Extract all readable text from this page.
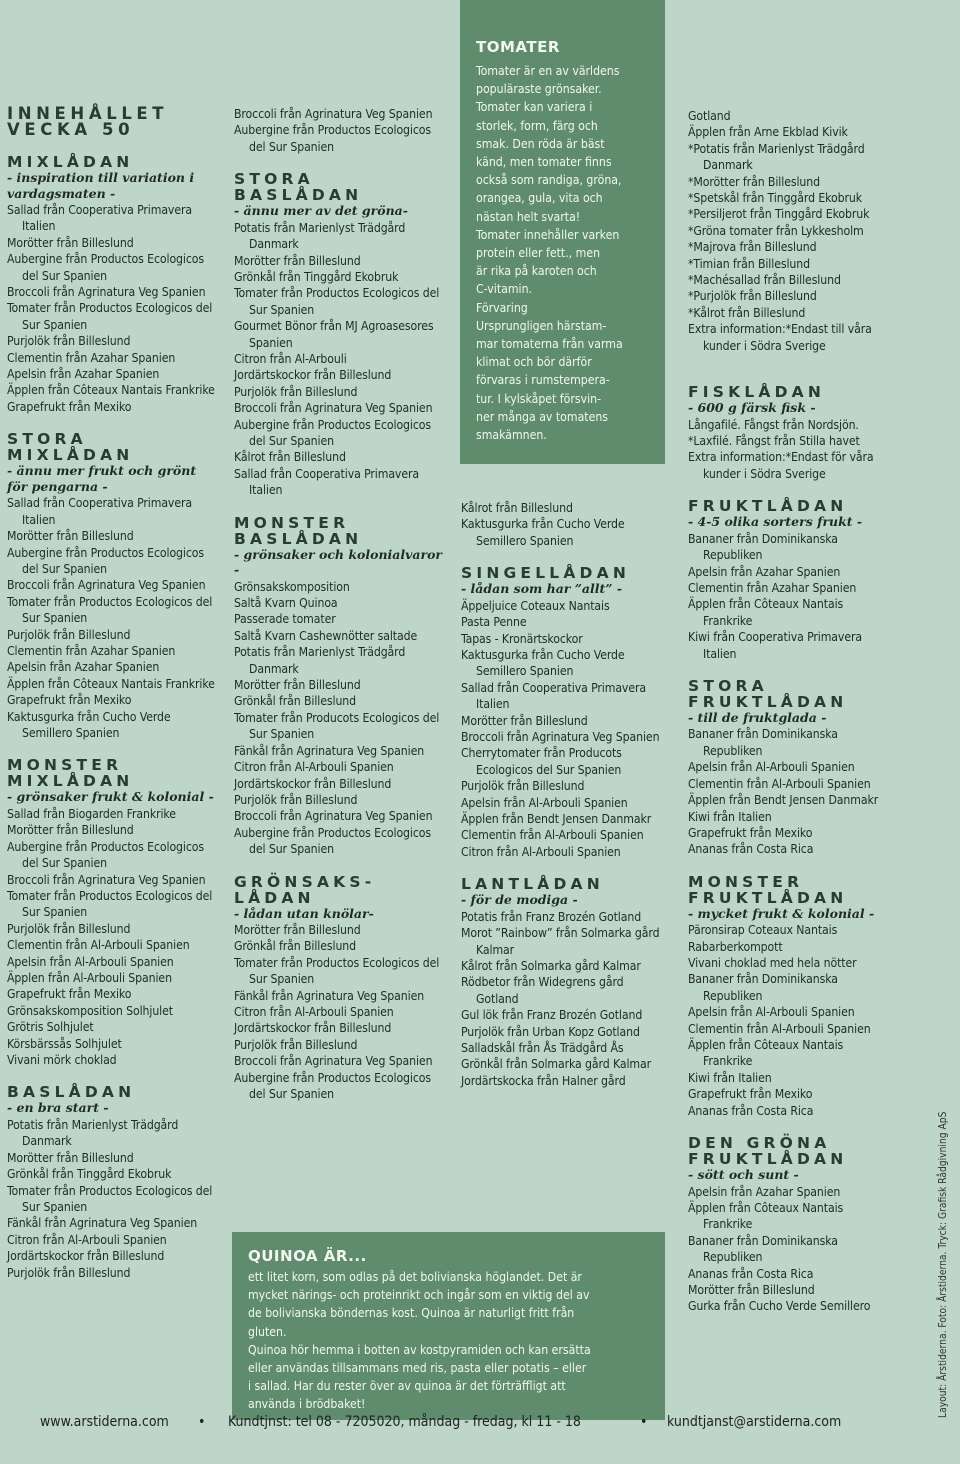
INNEHÅLLET
VECKA 50
MIXLÅDAN
- inspiration till variation i vardagsmaten -
Sallad från Cooperativa Primavera Italien
Morötter från Billeslund
Aubergine från Productos Ecologicos del Sur Spanien
Broccoli från Agrinatura Veg Spanien
Tomater från Productos Ecologicos del Sur Spanien
Purjolök från Billeslund
Clementin från Azahar Spanien
Apelsin från Azahar Spanien
Äpplen från Côteaux Nantais Frankrike
Grapefrukt från Mexiko
STORA
MIXLÅDAN
- ännu mer frukt och grönt för pengarna -
Sallad från Cooperativa Primavera Italien
Morötter från Billeslund
Aubergine från Productos Ecologicos del Sur Spanien
Broccoli från Agrinatura Veg Spanien
Tomater från Productos Ecologicos del Sur Spanien
Purjolök från Billeslund
Clementin från Azahar Spanien
Apelsin från Azahar Spanien
Äpplen från Côteaux Nantais Frankrike
Grapefrukt från Mexiko
Kaktusgurka från Cucho Verde Semillero Spanien
MONSTER
MIXLÅDAN
- grönsaker frukt & kolonial -
Sallad från Biogarden Frankrike
Morötter från Billeslund
Aubergine från Productos Ecologicos del Sur Spanien
Broccoli från Agrinatura Veg Spanien
Tomater från Productos Ecologicos del Sur Spanien
Purjolök från Billeslund
Clementin från Al-Arbouli Spanien
Apelsin från Al-Arbouli Spanien
Äpplen från Al-Arbouli Spanien
Grapefrukt från Mexiko
Grönsakskomposition Solhjulet
Grötris Solhjulet
Körsbärssås Solhjulet
Vivani mörk choklad
BASLÅDAN
- en bra start -
Potatis från Marienlyst Trädgård Danmark
Morötter från Billeslund
Grönkål från Tinggård Ekobruk
Tomater från Productos Ecologicos del Sur Spanien
Fänkål från Agrinatura Veg Spanien
Citron från Al-Arbouli Spanien
Jordärtskockor från Billeslund
Purjolök från Billeslund
Broccoli från Agrinatura Veg Spanien
Aubergine från Productos Ecologicos del Sur Spanien
STORA
BASLÅDAN
- ännu mer av det gröna-
Potatis från Marienlyst Trädgård Danmark
Morötter från Billeslund
Grönkål från Tinggård Ekobruk
Tomater från Productos Ecologicos del Sur Spanien
Gourmet Bönor från MJ Agroasesores Spanien
Citron från Al-Arbouli
Jordärtskockor från Billeslund
Purjolök från Billeslund
Broccoli från Agrinatura Veg Spanien
Aubergine från Productos Ecologicos del Sur Spanien
Kålrot från Billeslund
Sallad från Cooperativa Primavera Italien
MONSTER
BASLÅDAN
- grönsaker och kolonialvaror -
Grönsakskomposition
Saltå Kvarn Quinoa
Passerade tomater
Saltå Kvarn Cashewnötter saltade
Potatis från Marienlyst Trädgård Danmark
Morötter från Billeslund
Grönkål från Billeslund
Tomater från Producots Ecologicos del Sur Spanien
Fänkål från Agrinatura Veg Spanien
Citron från Al-Arbouli Spanien
Jordärtskockor från Billeslund
Purjolök från Billeslund
Broccoli från Agrinatura Veg Spanien
Aubergine från Productos Ecologicos del Sur Spanien
GRÖNSAKS-
LÅDAN
- lådan utan knölar-
Morötter från Billeslund
Grönkål från Billeslund
Tomater från Productos Ecologicos del Sur Spanien
Fänkål från Agrinatura Veg Spanien
Citron från Al-Arbouli Spanien
Jordärtskockor från Billeslund
Purjolök från Billeslund
Broccoli från Agrinatura Veg Spanien
Aubergine från Productos Ecologicos del Sur Spanien
TOMATER
Tomater är en av världens
populäraste grönsaker.
Tomater kan variera i
storlek, form, färg och
smak. Den röda är bäst
känd, men tomater finns
också som randiga, gröna,
orangea, gula, vita och
nästan helt svarta!
Tomater innehåller varken
protein eller fett., men
är rika på karoten och
C-vitamin.
Förvaring
Ursprungligen härstam-
mar tomaterna från varma
klimat och bör därför
förvaras i rumstempera-
tur. I kylskåpet försvin-
ner många av tomatens
smakämnen.
Kålrot från Billeslund
Kaktusgurka från Cucho Verde Semillero Spanien
SINGELLÅDAN
- lådan som har ”allt” -
Äppeljuice Coteaux Nantais
Pasta Penne
Tapas - Kronärtskockor
Kaktusgurka från Cucho Verde Semillero Spanien
Sallad från Cooperativa Primavera Italien
Morötter från Billeslund
Broccoli från Agrinatura Veg Spanien
Cherrytomater från Producots Ecologicos del Sur Spanien
Purjolök från Billeslund
Apelsin från Al-Arbouli Spanien
Äpplen från Bendt Jensen Danmakr
Clementin från Al-Arbouli Spanien
Citron från Al-Arbouli Spanien
LANTLÅDAN
- för de modiga -
Potatis från Franz Brozén Gotland
Morot ”Rainbow” från Solmarka gård Kalmar
Kålrot från Solmarka gård Kalmar
Rödbetor från Widegrens gård Gotland
Gul lök från Franz Brozén Gotland
Purjolök från Urban Kopz Gotland
Salladskål från Ås Trädgård Ås
Grönkål från Solmarka gård Kalmar
Jordärtskocka från Halner gård
QUINOA ÄR...
ett litet korn, som odlas på det bolivianska höglandet. Det är
mycket närings- och proteinrikt och ingår som en viktig del av
de bolivianska böndernas kost. Quinoa är naturligt fritt från
gluten.
Quinoa hör hemma i botten av kostpyramiden och kan ersätta
eller användas tillsammans med ris, pasta eller potatis – eller
i sallad. Har du rester över av quinoa är det förträffligt att
använda i brödbaket!
Gotland
Äpplen från Arne Ekblad Kivik
*Potatis från Marienlyst Trädgård Danmark
*Morötter från Billeslund
*Spetskål från Tinggård Ekobruk
*Persiljerot från Tinggård Ekobruk
*Gröna tomater från Lykkesholm
*Majrova från Billeslund
*Timian från Billeslund
*Machésallad från Billeslund
*Purjolök från Billeslund
*Kålrot från Billeslund
Extra information:*Endast till våra kunder i Södra Sverige
FISKLÅDAN
- 600 g färsk fisk -
Långafilé. Fångst från Nordsjön.
*Laxfilé. Fångst från Stilla havet
Extra information:*Endast för våra kunder i Södra Sverige
FRUKTLÅDAN
- 4-5 olika sorters frukt -
Bananer från Dominikanska Republiken
Apelsin från Azahar Spanien
Clementin från Azahar Spanien
Äpplen från Côteaux Nantais Frankrike
Kiwi från Cooperativa Primavera Italien
STORA
FRUKTLÅDAN
- till de fruktglada -
Bananer från Dominikanska Republiken
Apelsin från Al-Arbouli Spanien
Clementin från Al-Arbouli Spanien
Äpplen från Bendt Jensen Danmakr
Kiwi från Italien
Grapefrukt från Mexiko
Ananas från Costa Rica
MONSTER
FRUKTLÅDAN
- mycket frukt & kolonial -
Päronsirap Coteaux Nantais
Rabarberkompott
Vivani choklad med hela nötter
Bananer från Dominikanska Republiken
Apelsin från Al-Arbouli Spanien
Clementin från Al-Arbouli Spanien
Äpplen från Côteaux Nantais Frankrike
Kiwi från Italien
Grapefrukt från Mexiko
Ananas från Costa Rica
DEN GRÖNA
FRUKTLÅDAN
- sött och sunt -
Apelsin från Azahar Spanien
Äpplen från Côteaux Nantais Frankrike
Bananer från Dominikanska Republiken
Ananas från Costa Rica
Morötter från Billeslund
Gurka från Cucho Verde Semillero
www.arstiderna.com • Kundtjnst: tel 08 - 7205020, måndag - fredag, kl 11 - 18	• kundtjanst@arstiderna.com
Layout: Årstiderna. Foto: Årstiderna. Tryck: Grafisk Rådgivning ApS
